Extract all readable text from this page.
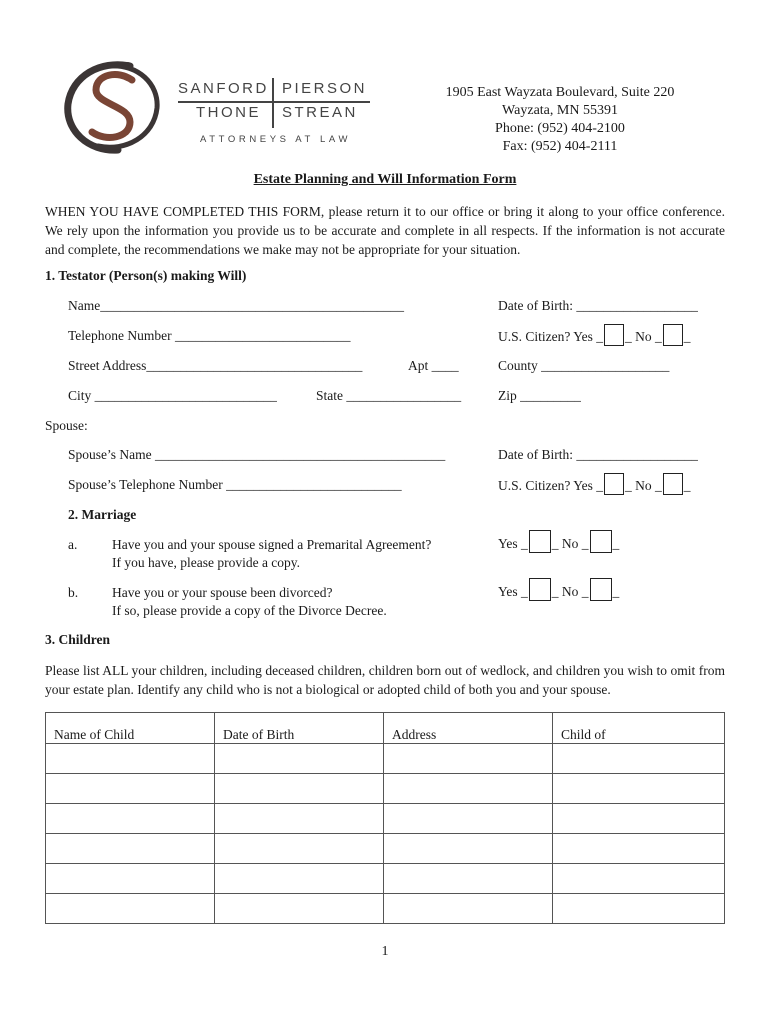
SANFORD PIERSON
THONE STREAN
ATTORNEYS AT LAW
1905 East Wayzata Boulevard, Suite 220
Wayzata, MN 55391
Phone: (952) 404-2100
Fax: (952) 404-2111
Estate Planning and Will Information Form
WHEN YOU HAVE COMPLETED THIS FORM, please return it to our office or bring it along to your office conference. We rely upon the information you provide us to be accurate and complete in all respects. If the information is not accurate and complete, the recommendations we make may not be appropriate for your situation.
1. Testator (Person(s) making Will)
Name_____________________________________________	Date of Birth: __________________
Telephone Number __________________________	U.S. Citizen? Yes _ _ No _ _
Street Address________________________________	Apt ____	County ___________________
City ___________________________	State _________________	Zip _________
Spouse:
Spouse’s Name ___________________________________________	Date of Birth: __________________
Spouse’s Telephone Number __________________________	U.S. Citizen? Yes _ _ No _ _
2. Marriage
a.	Have you and your spouse signed a Premarital Agreement?
If you have, please provide a copy.
Yes _ _ No _ _
b.	Have you or your spouse been divorced?
If so, please provide a copy of the Divorce Decree.
Yes _ _ No _ _
3. Children
Please list ALL your children, including deceased children, children born out of wedlock, and children you wish to omit from your estate plan. Identify any child who is not a biological or adopted child of both you and your spouse.
Name of Child	Date of Birth	Address	Child of

1
